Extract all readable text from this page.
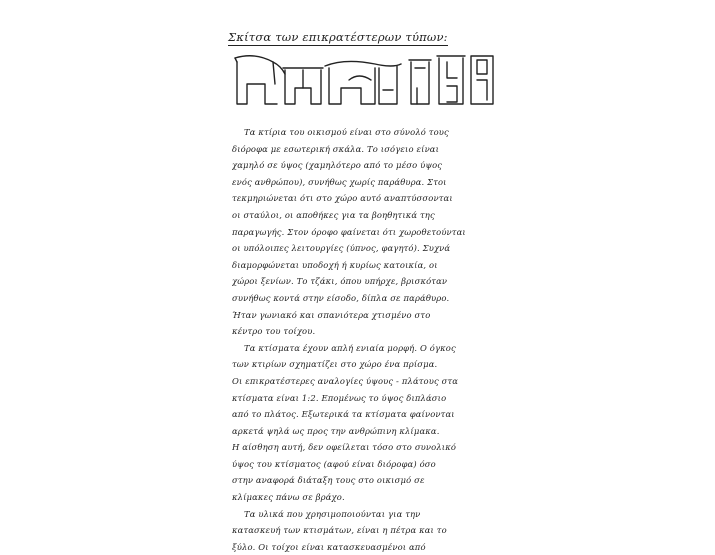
Σκίτσα των επικρατέστερων τύπων:
Τα κτίρια του οικισμού είναι στο σύνολό τους
διόροφα με εσωτερική σκάλα. Το ισόγειο είναι
χαμηλό σε ύψος (χαμηλότερο από το μέσο ύψος
ενός ανθρώπου), συνήθως χωρίς παράθυρα. Στοι
τεκμηριώνεται ότι στο χώρο αυτό αναπτύσσονται
οι σταύλοι, οι αποθήκες για τα βοηθητικά της
παραγωγής. Στον όροφο φαίνεται ότι χωροθετούνται
οι υπόλοιπες λειτουργίες (ύπνος, φαγητό). Συχνά
διαμορφώνεται υποδοχή ή κυρίως κατοικία, οι
χώροι ξενίων. Το τζάκι, όπου υπήρχε, βρισκόταν
συνήθως κοντά στην είσοδο, δίπλα σε παράθυρο.
Ήταν γωνιακό και σπανιότερα χτισμένο στο
κέντρο του τοίχου.
Τα κτίσματα έχουν απλή ενιαία μορφή. Ο όγκος
των κτιρίων σχηματίζει στο χώρο ένα πρίσμα.
Οι επικρατέστερες αναλογίες ύψους - πλάτους στα
κτίσματα είναι 1:2. Επομένως το ύψος διπλάσιο
από το πλάτος. Εξωτερικά τα κτίσματα φαίνονται
αρκετά ψηλά ως προς την ανθρώπινη κλίμακα.
Η αίσθηση αυτή, δεν οφείλεται τόσο στο συνολικό
ύψος του κτίσματος (αφού είναι διόροφα) όσο
στην αναφορά διάταξη τους στο οικισμό σε
κλίμακες πάνω σε βράχο.
Τα υλικά που χρησιμοποιούνται για την
κατασκευή των κτισμάτων, είναι η πέτρα και το
ξύλο. Οι τοίχοι είναι κατασκευασμένοι από
